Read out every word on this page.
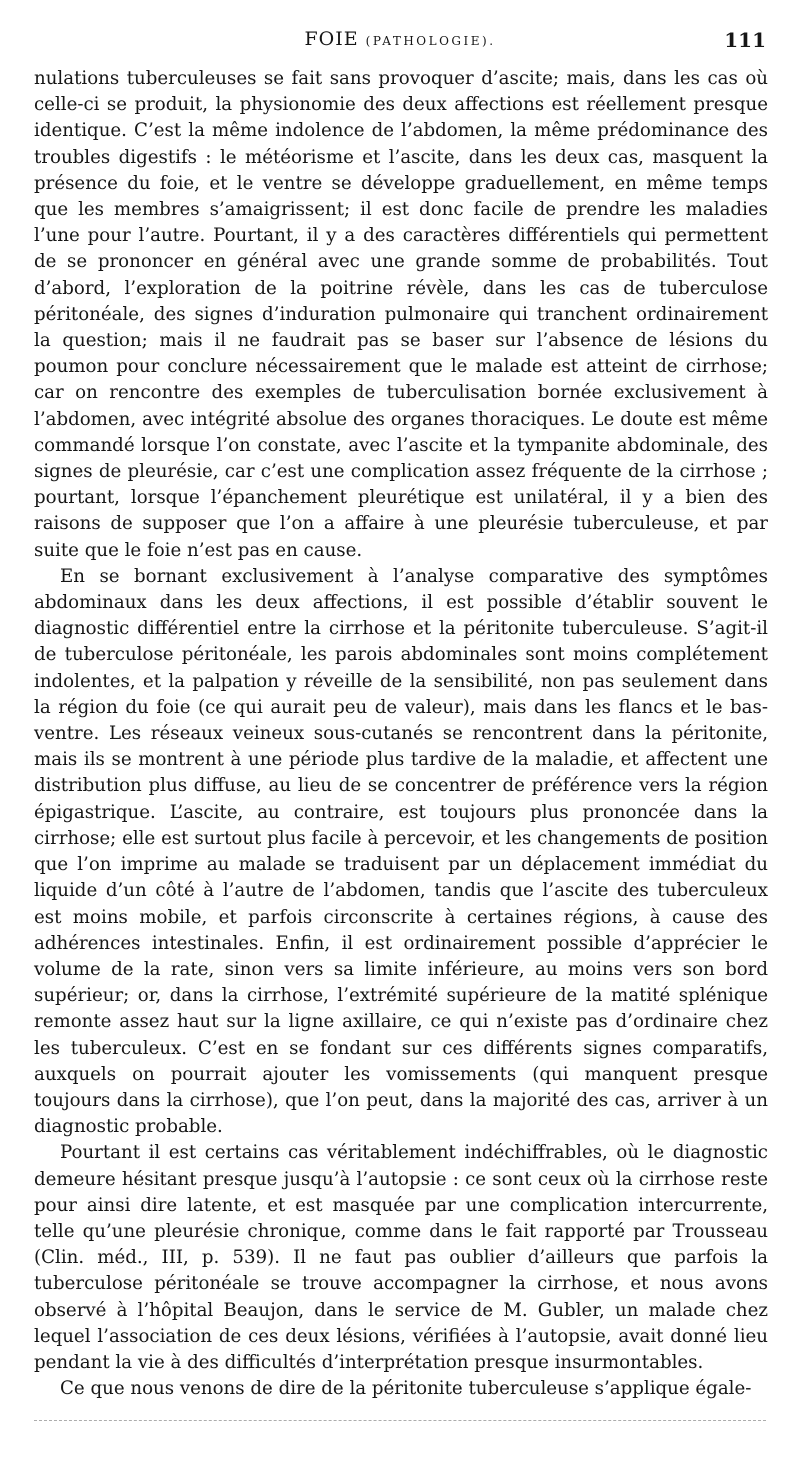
FOIE (PATHOLOGIE).	111

nulations tuberculeuses se fait sans provoquer d’ascite; mais, dans les cas où celle-ci se produit, la physionomie des deux affections est réellement presque identique. C’est la même indolence de l’abdomen, la même prédominance des troubles digestifs : le météorisme et l’ascite, dans les deux cas, masquent la présence du foie, et le ventre se développe graduellement, en même temps que les membres s’amaigrissent; il est donc facile de prendre les maladies l’une pour l’autre. Pourtant, il y a des caractères différentiels qui permettent de se prononcer en général avec une grande somme de probabilités. Tout d’abord, l’exploration de la poitrine révèle, dans les cas de tuberculose péritonéale, des signes d’induration pulmonaire qui tranchent ordinairement la question; mais il ne faudrait pas se baser sur l’absence de lésions du poumon pour conclure nécessairement que le malade est atteint de cirrhose; car on rencontre des exemples de tuberculisation bornée exclusivement à l’abdomen, avec intégrité absolue des organes thoraciques. Le doute est même commandé lorsque l’on constate, avec l’ascite et la tympanite abdominale, des signes de pleurésie, car c’est une complication assez fréquente de la cirrhose ; pourtant, lorsque l’épanchement pleurétique est unilatéral, il y a bien des raisons de supposer que l’on a affaire à une pleurésie tuberculeuse, et par suite que le foie n’est pas en cause.

En se bornant exclusivement à l’analyse comparative des symptômes abdominaux dans les deux affections, il est possible d’établir souvent le diagnostic différentiel entre la cirrhose et la péritonite tuberculeuse. S’agit-il de tuberculose péritonéale, les parois abdominales sont moins complétement indolentes, et la palpation y réveille de la sensibilité, non pas seulement dans la région du foie (ce qui aurait peu de valeur), mais dans les flancs et le bas-ventre. Les réseaux veineux sous-cutanés se rencontrent dans la péritonite, mais ils se montrent à une période plus tardive de la maladie, et affectent une distribution plus diffuse, au lieu de se concentrer de préférence vers la région épigastrique. L’ascite, au contraire, est toujours plus prononcée dans la cirrhose; elle est surtout plus facile à percevoir, et les changements de position que l’on imprime au malade se traduisent par un déplacement immédiat du liquide d’un côté à l’autre de l’abdomen, tandis que l’ascite des tuberculeux est moins mobile, et parfois circonscrite à certaines régions, à cause des adhérences intestinales. Enfin, il est ordinairement possible d’apprécier le volume de la rate, sinon vers sa limite inférieure, au moins vers son bord supérieur; or, dans la cirrhose, l’extrémité supérieure de la matité splénique remonte assez haut sur la ligne axillaire, ce qui n’existe pas d’ordinaire chez les tuberculeux. C’est en se fondant sur ces différents signes comparatifs, auxquels on pourrait ajouter les vomissements (qui manquent presque toujours dans la cirrhose), que l’on peut, dans la majorité des cas, arriver à un diagnostic probable.

Pourtant il est certains cas véritablement indéchiffrables, où le diagnostic demeure hésitant presque jusqu’à l’autopsie : ce sont ceux où la cirrhose reste pour ainsi dire latente, et est masquée par une complication intercurrente, telle qu’une pleurésie chronique, comme dans le fait rapporté par Trousseau (Clin. méd., III, p. 539). Il ne faut pas oublier d’ailleurs que parfois la tuberculose péritonéale se trouve accompagner la cirrhose, et nous avons observé à l’hôpital Beaujon, dans le service de M. Gubler, un malade chez lequel l’association de ces deux lésions, vérifiées à l’autopsie, avait donné lieu pendant la vie à des difficultés d’interprétation presque insurmontables.

Ce que nous venons de dire de la péritonite tuberculeuse s’applique égale-
